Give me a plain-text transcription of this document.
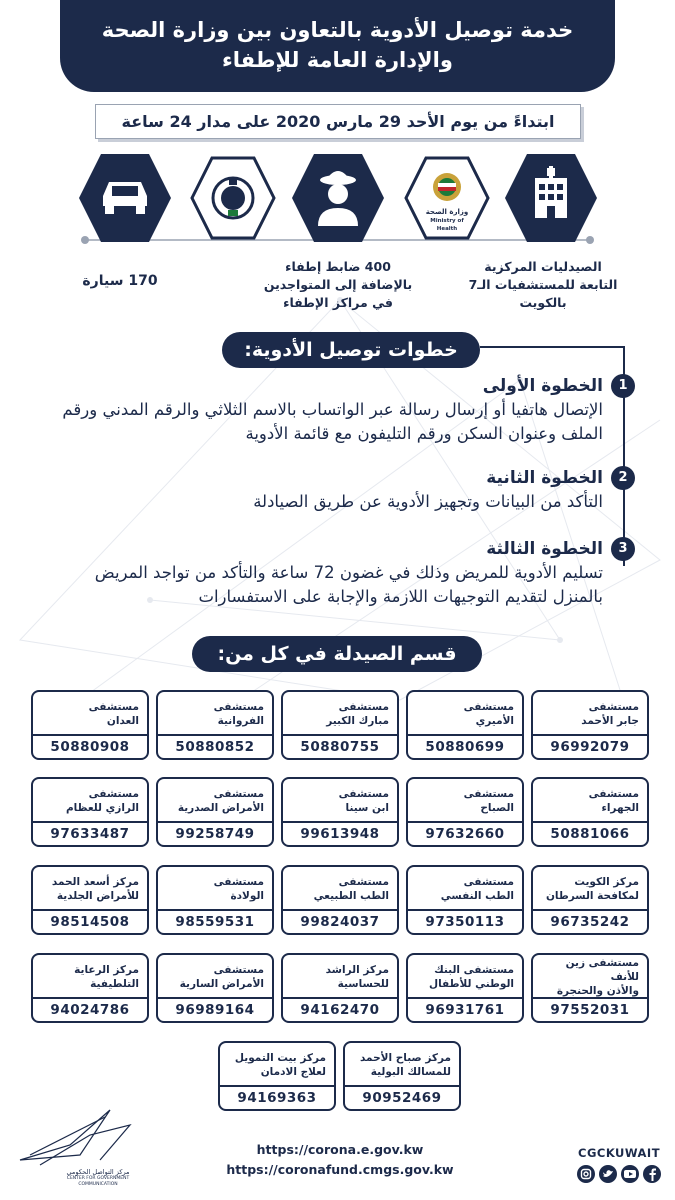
خدمة توصيل الأدوية بالتعاون بين وزارة الصحة
والإدارة العامة للإطفاء
ابتداءً من يوم الأحد 29 مارس 2020 على مدار 24 ساعة
وزارة الصحة
Ministry of Health
الصيدليات المركزية التابعة للمستشفيات الـ7 بالكويت
400 ضابط إطفاء بالإضافة إلى المتواجدين في مراكز الإطفاء
170 سيارة
خطوات توصيل الأدوية:
1
الخطوة الأولى
الإتصال هاتفيا أو إرسال رسالة عبر الواتساب بالاسم الثلاثي والرقم المدني ورقم الملف وعنوان السكن ورقم التليفون مع قائمة الأدوية
2
الخطوة الثانية
التأكد من البيانات وتجهيز الأدوية عن طريق الصيادلة
3
الخطوة الثالثة
تسليم الأدوية للمريض وذلك في غضون 72 ساعة والتأكد من تواجد المريض بالمنزل لتقديم التوجيهات اللازمة والإجابة على الاستفسارات
قسم الصيدلة في كل من:
مستشفى
جابر الأحمد
96992079
مستشفى
الأميري
50880699
مستشفى
مبارك الكبير
50880755
مستشفى
الفروانية
50880852
مستشفى
العدان
50880908
مستشفى
الجهراء
50881066
مستشفى
الصباح
97632660
مستشفى
ابن سينا
99613948
مستشفى
الأمراض الصدرية
99258749
مستشفى
الرازي للعظام
97633487
مركز الكويت
لمكافحة السرطان
96735242
مستشفى
الطب النفسي
97350113
مستشفى
الطب الطبيعي
99824037
مستشفى
الولادة
98559531
مركز أسعد الحمد
للأمراض الجلدية
98514508
مستشفى زين للأنف
والأذن والحنجرة
97552031
مستشفى البنك
الوطني للأطفال
96931761
مركز الراشد
للحساسية
94162470
مستشفى
الأمراض السارية
96989164
مركز الرعاية
التلطيفية
94024786
مركز صباح الأحمد
للمسالك البولية
90952469
مركز بيت التمويل
لعلاج الادمان
94169363
مركز التواصل الحكومي
CENTER FOR GOVERNMENT COMMUNICATION
https://corona.e.gov.kw
https://coronafund.cmgs.gov.kw
CGCKUWAIT
